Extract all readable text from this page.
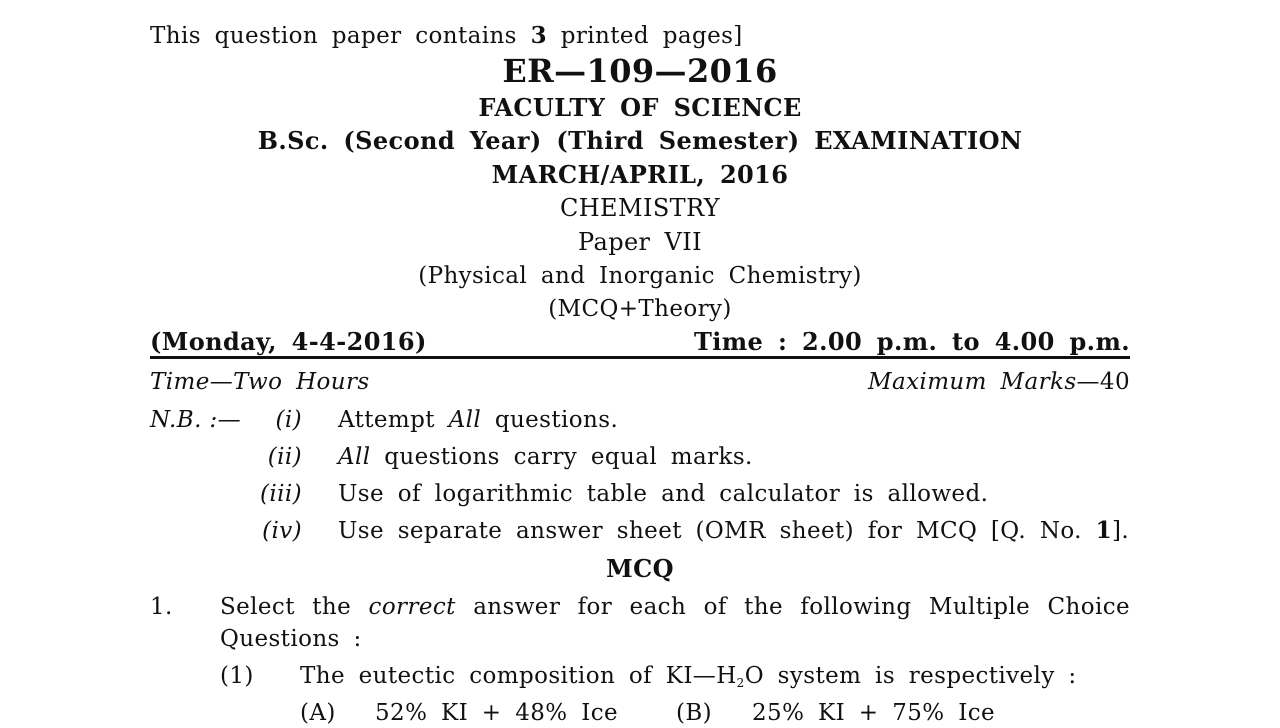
This question paper contains 3 printed pages]
ER—109—2016
FACULTY OF SCIENCE
B.Sc. (Second Year) (Third Semester) EXAMINATION
MARCH/APRIL, 2016
CHEMISTRY
Paper VII
(Physical and Inorganic Chemistry)
(MCQ+Theory)
(Monday, 4-4-2016)	Time : 2.00 p.m. to 4.00 p.m.
Time—Two Hours	Maximum Marks—40
N.B. :—	(i) Attempt All questions.
(ii) All questions carry equal marks.
(iii) Use of logarithmic table and calculator is allowed.
(iv) Use separate answer sheet (OMR sheet) for MCQ [Q. No. 1].
MCQ
1. Select the correct answer for each of the following Multiple Choice
Questions :
(1) The eutectic composition of $KI—H_2O$ system is respectively :
(A) 52% KI + 48% Ice	(B) 25% KI + 75% Ice
